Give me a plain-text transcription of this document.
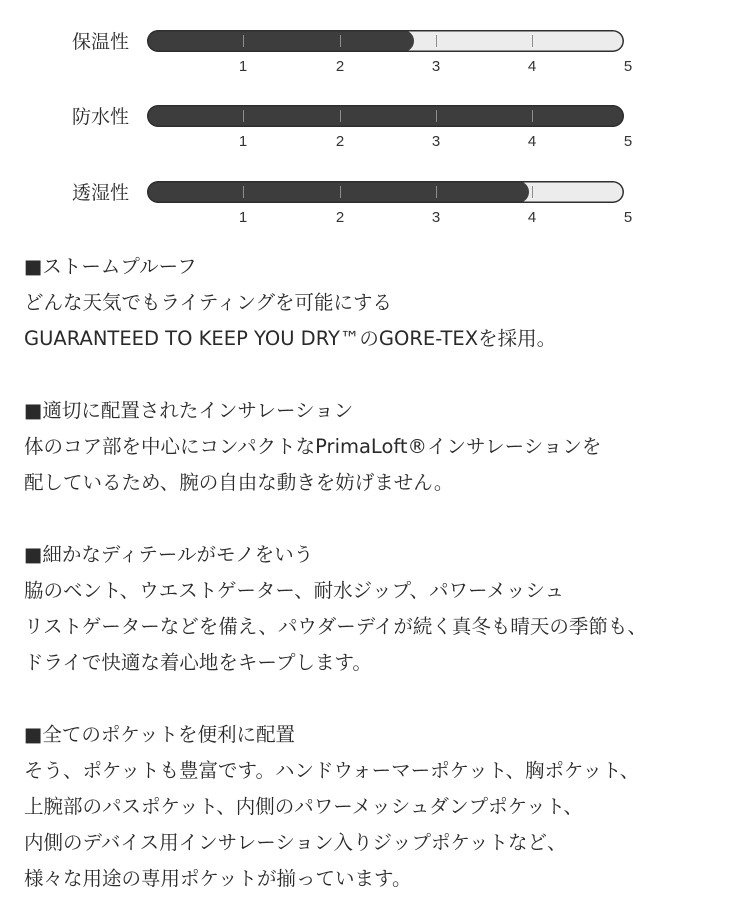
保温性
1	2	3	4	5
防水性
1	2	3	4	5
透湿性
1	2	3	4	5
■ストームプルーフ
どんな天気でもライティングを可能にする
GUARANTEED TO KEEP YOU DRY™のGORE-TEXを採用。
■適切に配置されたインサレーション
体のコア部を中心にコンパクトなPrimaLoft®インサレーションを
配しているため、腕の自由な動きを妨げません。
■細かなディテールがモノをいう
脇のベント、ウエストゲーター、耐水ジップ、パワーメッシュ
リストゲーターなどを備え、パウダーデイが続く真冬も晴天の季節も、
ドライで快適な着心地をキープします。
■全てのポケットを便利に配置
そう、ポケットも豊富です。ハンドウォーマーポケット、胸ポケット、
上腕部のパスポケット、内側のパワーメッシュダンプポケット、
内側のデバイス用インサレーション入りジップポケットなど、
様々な用途の専用ポケットが揃っています。
